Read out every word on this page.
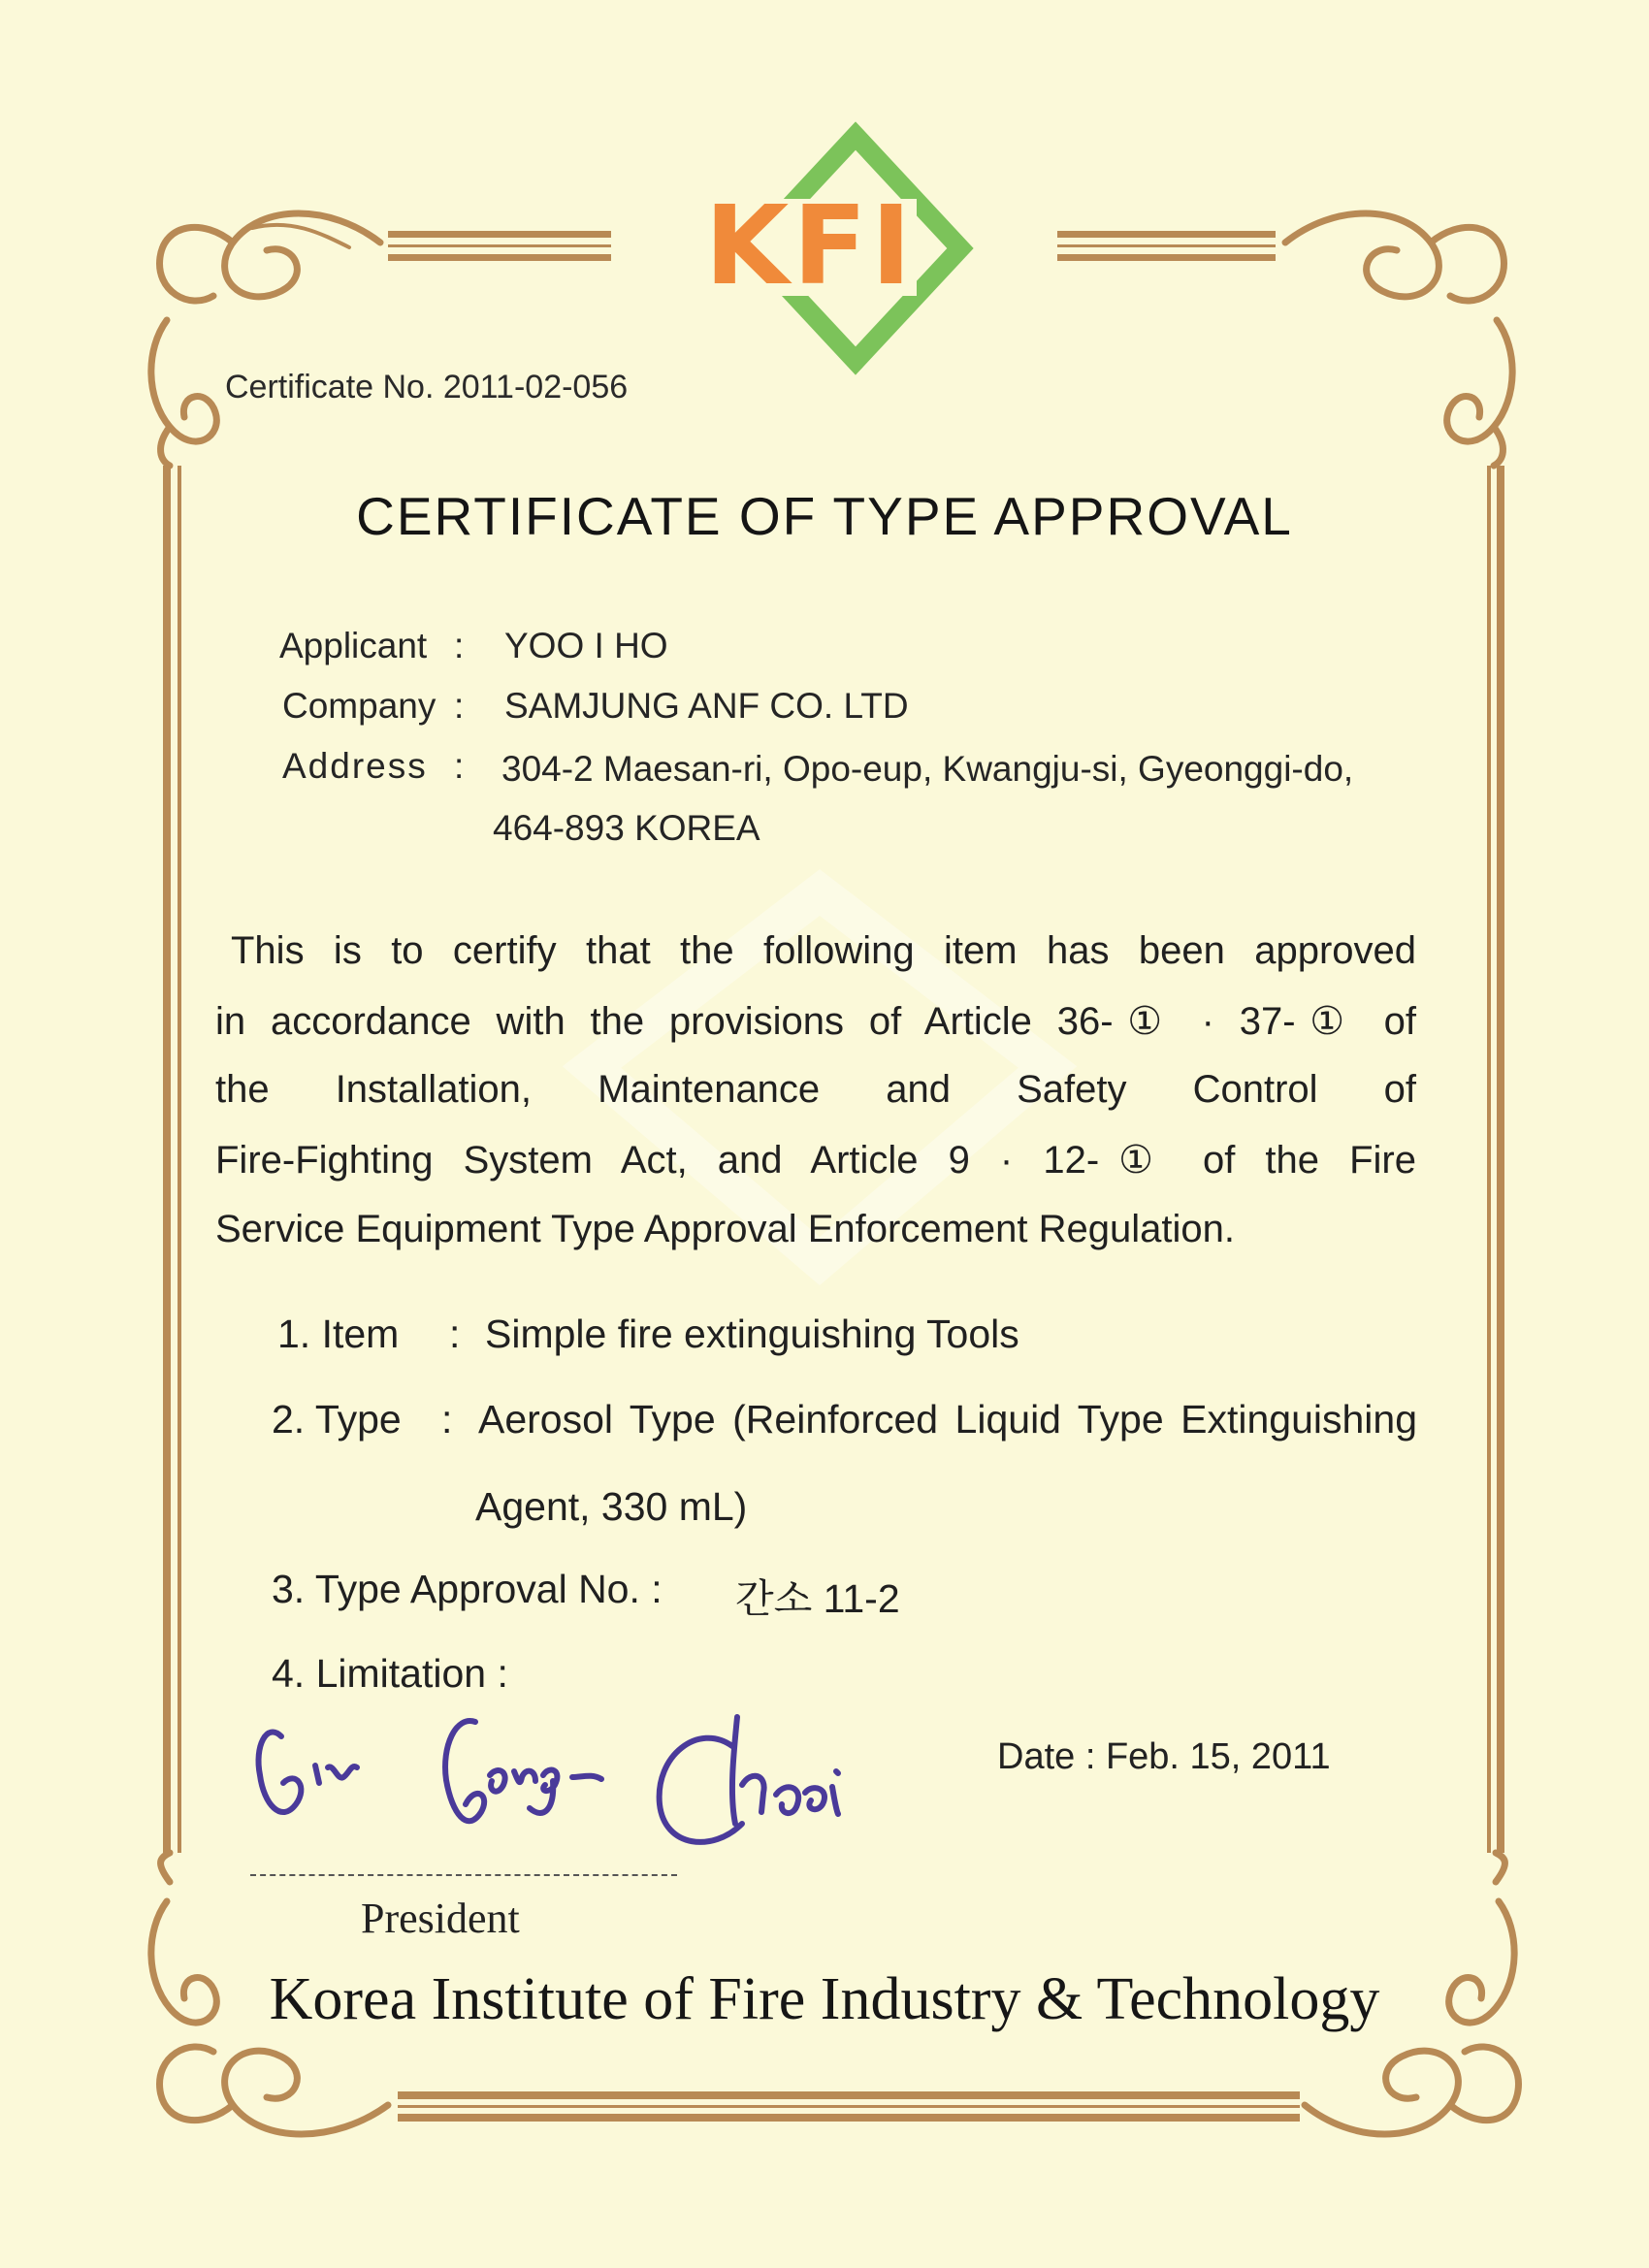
KFI
Certificate No. 2011-02-056
CERTIFICATE OF TYPE APPROVAL
Applicant : YOO I HO
Company : SAMJUNG ANF CO. LTD
Address : 304-2 Maesan-ri, Opo-eup, Kwangju-si, Gyeonggi-do,
464-893 KOREA
This is to certify that the following item has been approved
in accordance with the provisions of Article 36-① · 37-① of
the Installation, Maintenance and Safety Control of
Fire-Fighting System Act, and Article 9 · 12-① of the Fire
Service Equipment Type Approval Enforcement Regulation.
1. Item : Simple fire extinguishing Tools
2. Type : Aerosol Type (Reinforced Liquid Type Extinguishing
Agent, 330 mL)
3. Type Approval No. : 간소 11-2
4. Limitation :
Date : Feb. 15, 2011
President
Korea Institute of Fire Industry & Technology
